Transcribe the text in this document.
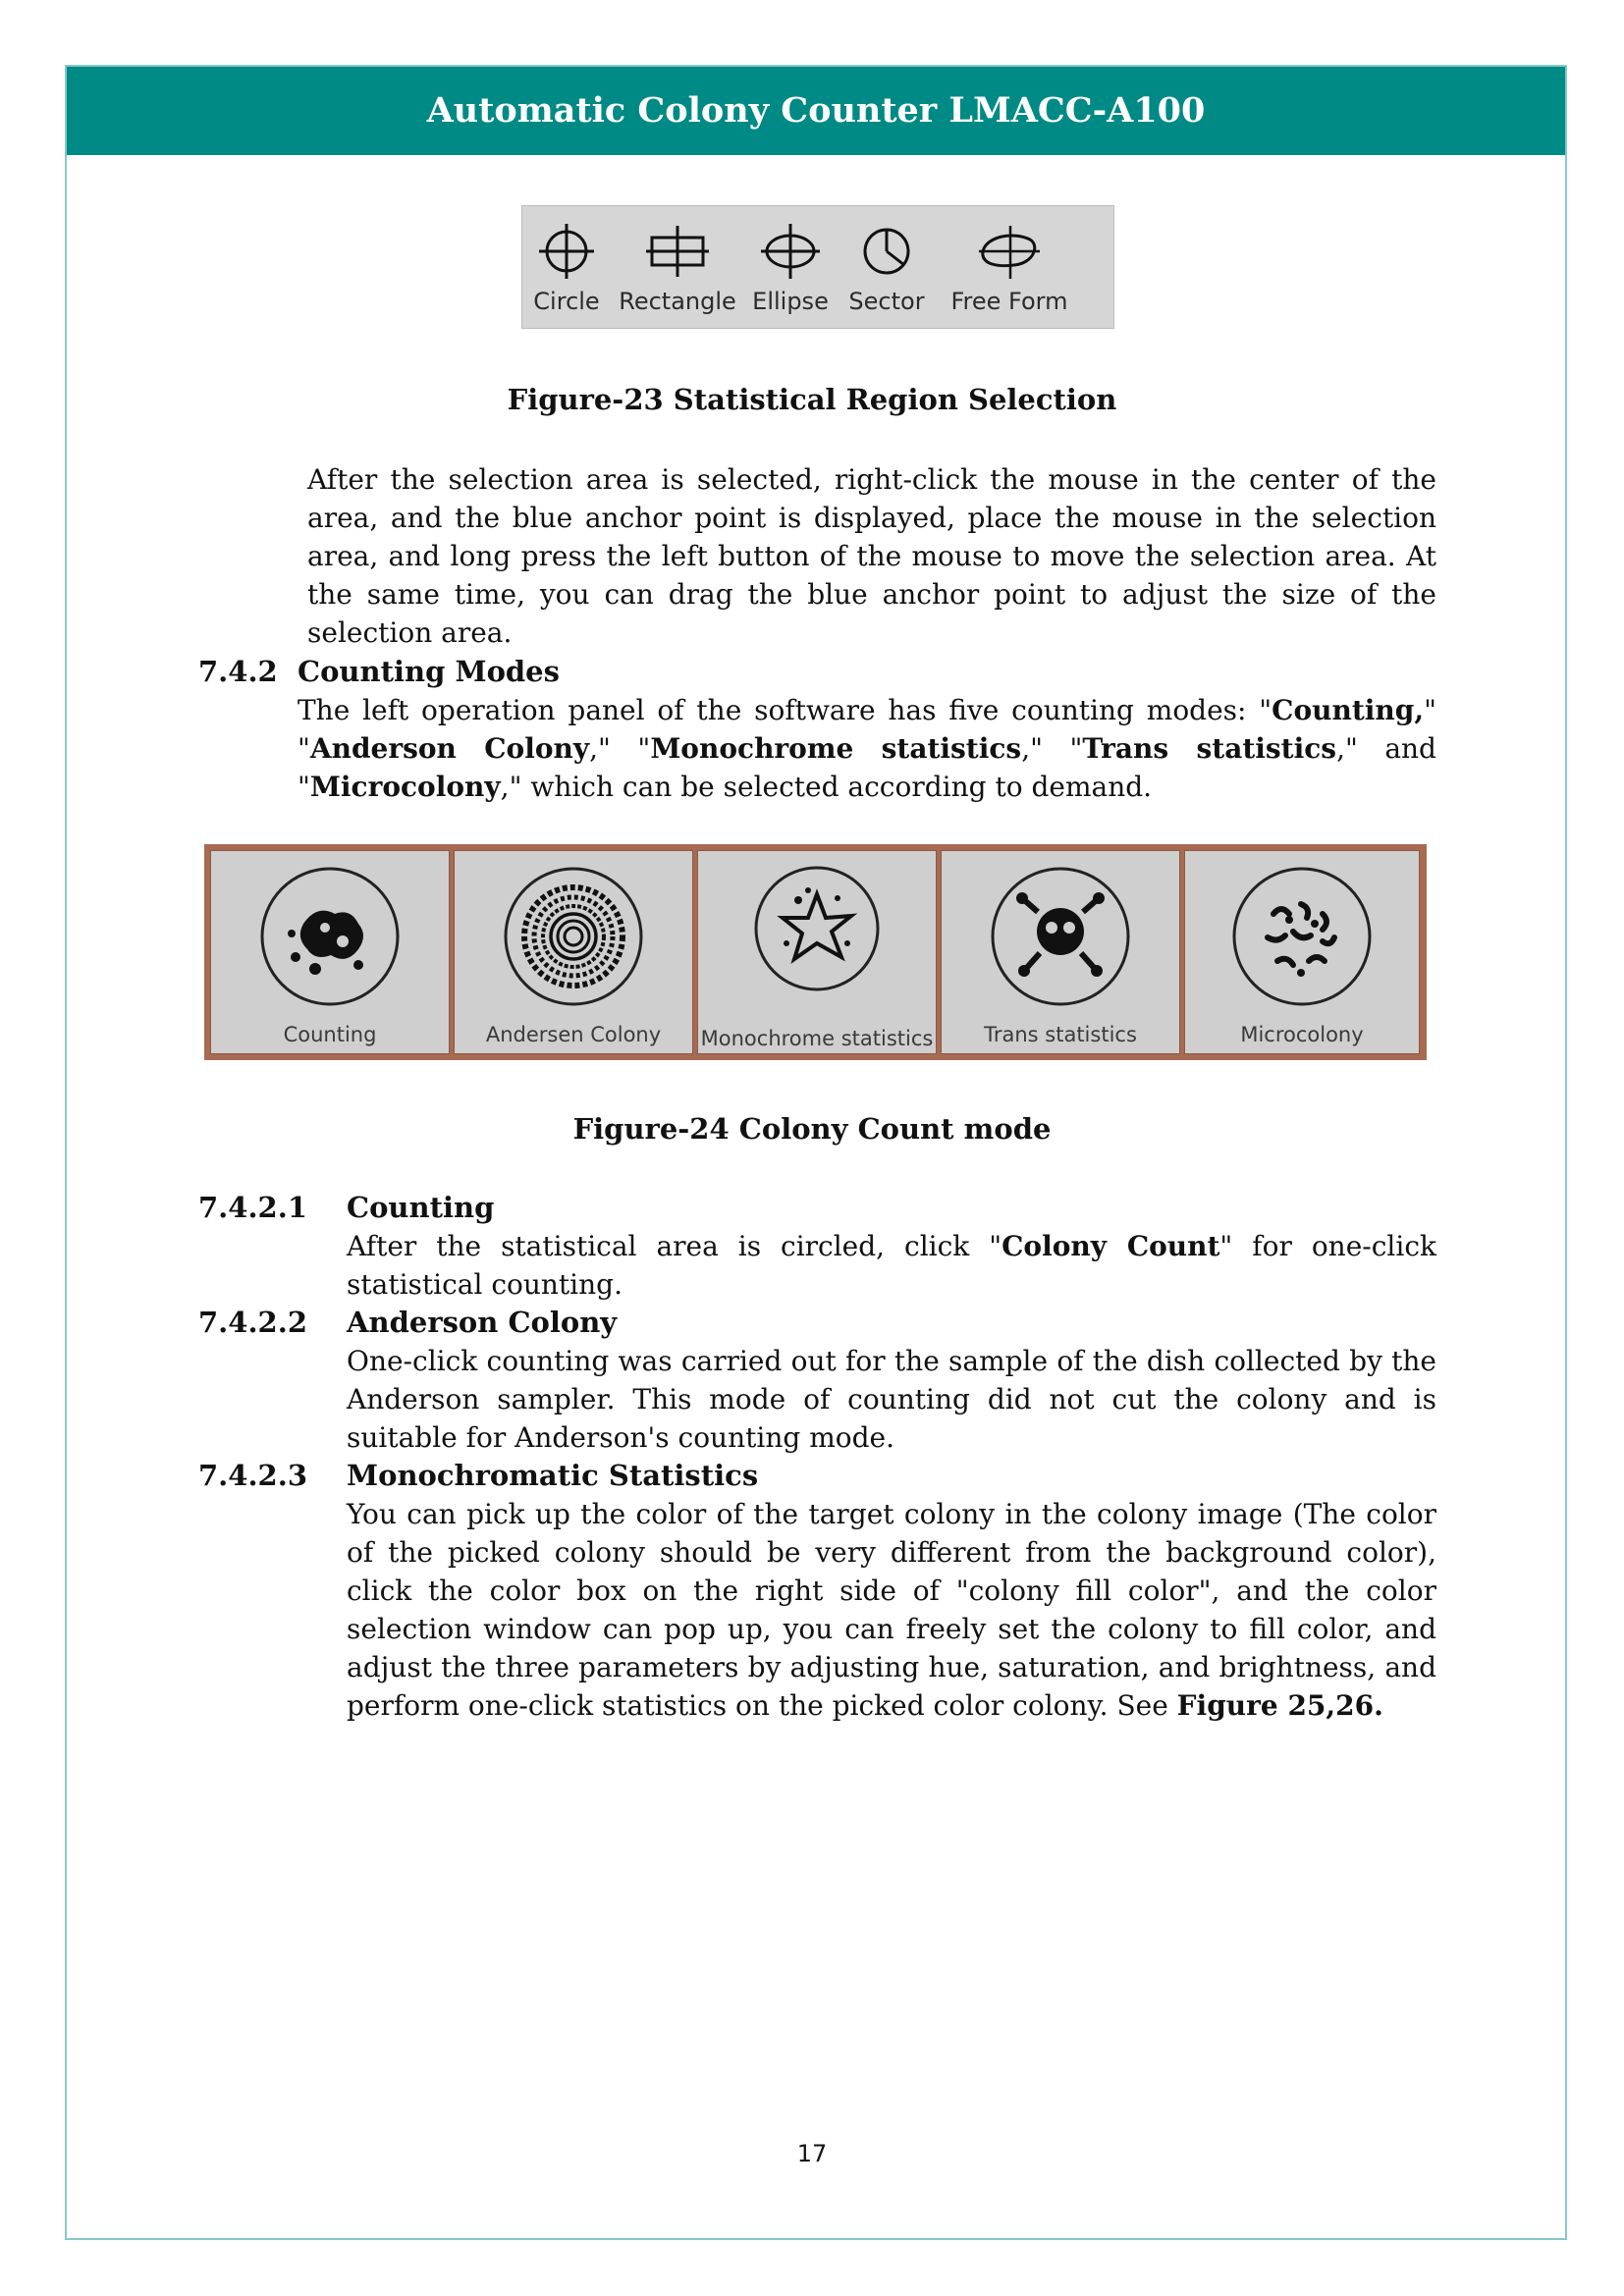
Automatic Colony Counter LMACC-A100
Circle Rectangle Ellipse Sector	Free Form
Figure-23 Statistical Region Selection

After the selection area is selected, right-click the mouse in the center of the area, and the blue anchor point is displayed, place the mouse in the selection area, and long press the left button of the mouse to move the selection area. At the same time, you can drag the blue anchor point to adjust the size of the selection area.

7.4.2 Counting Modes

The left operation panel of the software has five counting modes: "Counting," "Anderson Colony," "Monochrome statistics," "Trans statistics," and "Microcolony," which can be selected according to demand.

Counting	Andersen Colony	Monochrome statistics	Trans statistics	Microcolony
Figure-24 Colony Count mode
7.4.2.1 Counting

After the statistical area is circled, click "Colony Count" for one-click statistical counting.

7.4.2.2 Anderson Colony

One-click counting was carried out for the sample of the dish collected by the Anderson sampler. This mode of counting did not cut the colony and is suitable for Anderson's counting mode.

7.4.2.3 Monochromatic Statistics

You can pick up the color of the target colony in the colony image (The color of the picked colony should be very different from the background color), click the color box on the right side of "colony fill color", and the color selection window can pop up, you can freely set the colony to fill color, and adjust the three parameters by adjusting hue, saturation, and brightness, and perform one-click statistics on the picked color colony. See Figure 25,26.

17
